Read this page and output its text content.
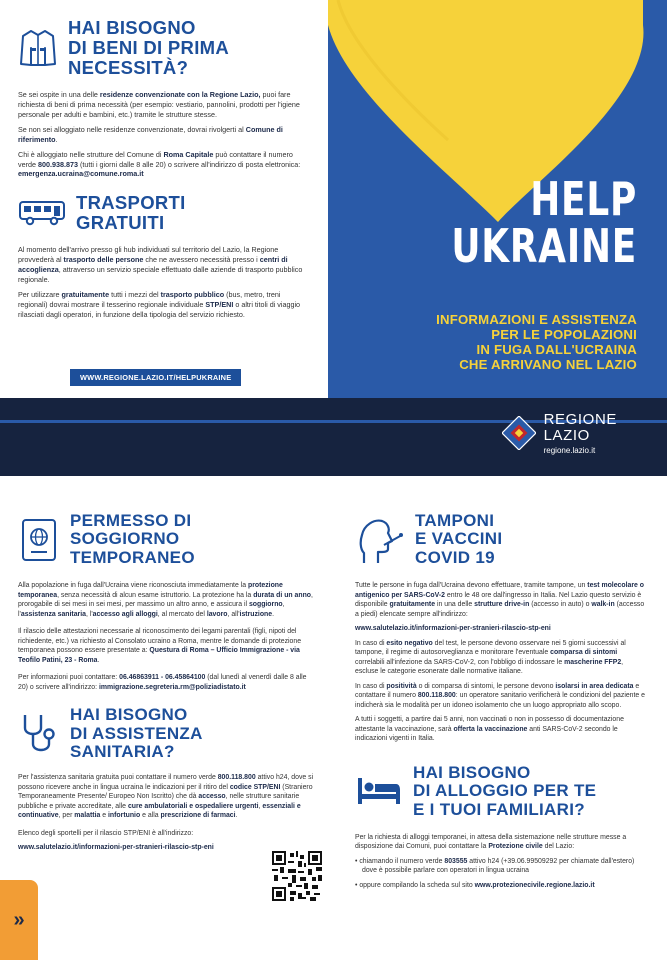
HAI BISOGNO
DI BENI DI PRIMA
NECESSITÀ?

Se sei ospite in una delle residenze convenzionate con la Regione Lazio, puoi fare richiesta di beni di prima necessità (per esempio: vestiario, pannolini, prodotti per l'igiene personale per adulti e bambini, etc.) tramite le strutture stesse.

Se non sei alloggiato nelle residenze convenzionate, dovrai rivolgerti al Comune di riferimento.

Chi è alloggiato nelle strutture del Comune di Roma Capitale può contattare il numero verde 800.938.873 (tutti i giorni dalle 8 alle 20) o scrivere all'indirizzo di posta elettronica: emergenza.ucraina@comune.roma.it

TRASPORTI
GRATUITI

Al momento dell'arrivo presso gli hub individuati sul territorio del Lazio, la Regione provvederà al trasporto delle persone che ne avessero necessità presso i centri di accoglienza, attraverso un servizio speciale effettuato dalle aziende di trasporto pubblico regionale.

Per utilizzare gratuitamente tutti i mezzi del trasporto pubblico (bus, metro, treni regionali) dovrai mostrare il tesserino regionale individuale STP/ENI o altri titoli di viaggio rilasciati dagli operatori, in funzione della tipologia del servizio richiesto.

WWW.REGIONE.LAZIO.IT/HELPUKRAINE
HELP
UKRAINE
INFORMAZIONI E ASSISTENZA
PER LE POPOLAZIONI
IN FUGA DALL'UCRAINA
CHE ARRIVANO NEL LAZIO
REGIONE
LAZIO
regione.lazio.it
PERMESSO DI
SOGGIORNO
TEMPORANEO

Alla popolazione in fuga dall'Ucraina viene riconosciuta immediatamente la protezione temporanea, senza necessità di alcun esame istruttorio. La protezione ha la durata di un anno, prorogabile di sei mesi in sei mesi, per massimo un altro anno, e assicura il soggiorno, l'assistenza sanitaria, l'accesso agli alloggi, al mercato del lavoro, all'istruzione.

Il rilascio delle attestazioni necessarie al riconoscimento dei legami parentali (figli, nipoti del richiedente, etc.) va richiesto al Consolato ucraino a Roma, mentre le domande di protezione temporanea possono essere presentate a: Questura di Roma – Ufficio Immigrazione - via Teofilo Patini, 23 - Roma.

Per informazioni puoi contattare: 06.46863911 - 06.45864100 (dal lunedì al venerdì dalle 8 alle 20) o scrivere all'indirizzo: immigrazione.segreteria.rm@poliziadistato.it

HAI BISOGNO
DI ASSISTENZA
SANITARIA?

Per l'assistenza sanitaria gratuita puoi contattare il numero verde 800.118.800 attivo h24, dove si possono ricevere anche in lingua ucraina le indicazioni per il ritiro del codice STP/ENI (Straniero Temporaneamente Presente/ Europeo Non Iscritto) che dà accesso, nelle strutture sanitarie pubbliche e private accreditate, alle cure ambulatoriali e ospedaliere urgenti, essenziali e continuative, per malattia e infortunio e alla prescrizione di farmaci.

Elenco degli sportelli per il rilascio STP/ENI è all'indirizzo:

www.salutelazio.it/informazioni-per-stranieri-rilascio-stp-eni

TAMPONI
E VACCINI
COVID 19

Tutte le persone in fuga dall'Ucraina devono effettuare, tramite tampone, un test molecolare o antigenico per SARS-CoV-2 entro le 48 ore dall'ingresso in Italia. Nel Lazio questo servizio è disponibile gratuitamente in una delle strutture drive-in (accesso in auto) o walk-in (accesso a piedi) elencate sempre all'indirizzo:

www.salutelazio.it/informazioni-per-stranieri-rilascio-stp-eni

In caso di esito negativo del test, le persone devono osservare nei 5 giorni successivi al tampone, il regime di autosorveglianza e monitorare l'eventuale comparsa di sintomi correlabili all'infezione da SARS-CoV-2, con l'obbligo di indossare le mascherine FFP2, escluse le categorie esonerate dalle normative italiane.

In caso di positività o di comparsa di sintomi, le persone devono isolarsi in area dedicata e contattare il numero 800.118.800: un operatore sanitario verificherà le condizioni del paziente e indicherà sia le modalità per un idoneo isolamento che un luogo appropriato allo scopo.

A tutti i soggetti, a partire dai 5 anni, non vaccinati o non in possesso di documentazione attestante la vaccinazione, sarà offerta la vaccinazione anti SARS-CoV-2 secondo le indicazioni vigenti in Italia.

HAI BISOGNO
DI ALLOGGIO PER TE
E I TUOI FAMILIARI?

Per la richiesta di alloggi temporanei, in attesa della sistemazione nelle strutture messe a disposizione dai Comuni, puoi contattare la Protezione civile del Lazio:

• chiamando il numero verde 803555 attivo h24 (+39.06.99509292 per chiamate dall'estero) dove è possibile parlare con operatori in lingua ucraina

• oppure compilando la scheda sul sito www.protezionecivile.regione.lazio.it

»
